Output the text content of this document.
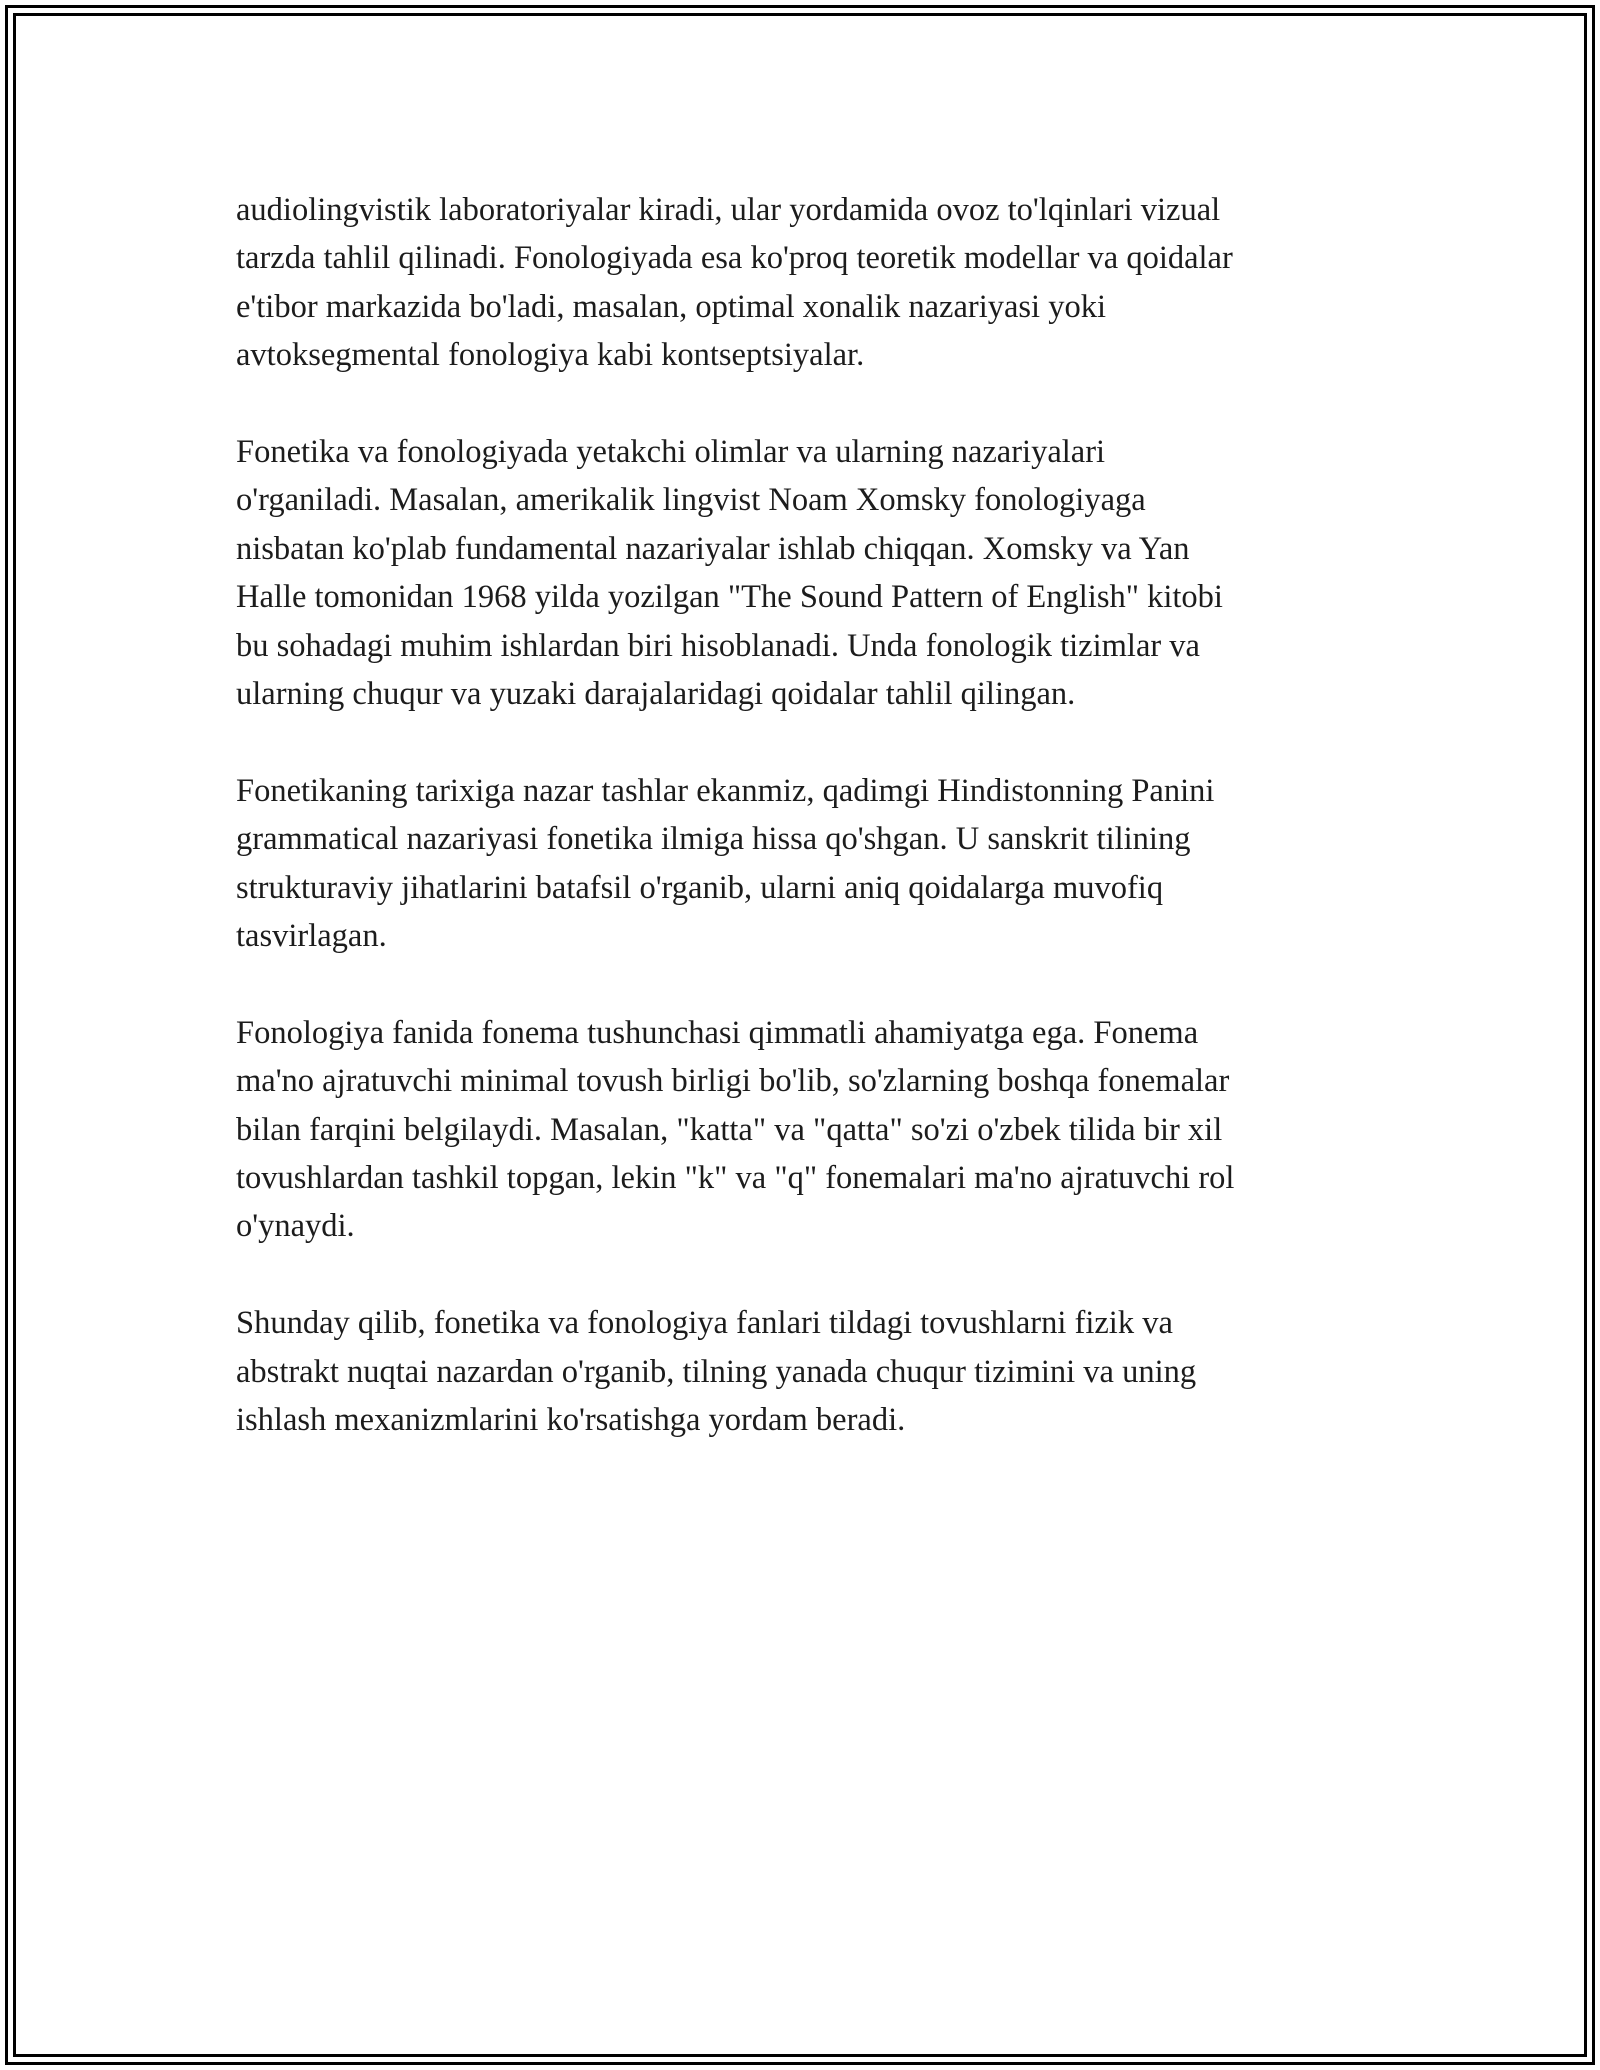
audiolingvistik laboratoriyalar kiradi, ular yordamida ovoz to'lqinlari vizual
tarzda tahlil qilinadi. Fonologiyada esa ko'proq teoretik modellar va qoidalar
e'tibor markazida bo'ladi, masalan, optimal xonalik nazariyasi yoki
avtoksegmental fonologiya kabi kontseptsiyalar.

Fonetika va fonologiyada yetakchi olimlar va ularning nazariyalari
o'rganiladi. Masalan, amerikalik lingvist Noam Xomsky fonologiyaga
nisbatan ko'plab fundamental nazariyalar ishlab chiqqan. Xomsky va Yan
Halle tomonidan 1968 yilda yozilgan "The Sound Pattern of English" kitobi
bu sohadagi muhim ishlardan biri hisoblanadi. Unda fonologik tizimlar va
ularning chuqur va yuzaki darajalaridagi qoidalar tahlil qilingan.

Fonetikaning tarixiga nazar tashlar ekanmiz, qadimgi Hindistonning Panini
grammatical nazariyasi fonetika ilmiga hissa qo'shgan. U sanskrit tilining
strukturaviy jihatlarini batafsil o'rganib, ularni aniq qoidalarga muvofiq
tasvirlagan.

Fonologiya fanida fonema tushunchasi qimmatli ahamiyatga ega. Fonema
ma'no ajratuvchi minimal tovush birligi bo'lib, so'zlarning boshqa fonemalar
bilan farqini belgilaydi. Masalan, "katta" va "qatta" so'zi o'zbek tilida bir xil
tovushlardan tashkil topgan, lekin "k" va "q" fonemalari ma'no ajratuvchi rol
o'ynaydi.

Shunday qilib, fonetika va fonologiya fanlari tildagi tovushlarni fizik va
abstrakt nuqtai nazardan o'rganib, tilning yanada chuqur tizimini va uning
ishlash mexanizmlarini ko'rsatishga yordam beradi.
